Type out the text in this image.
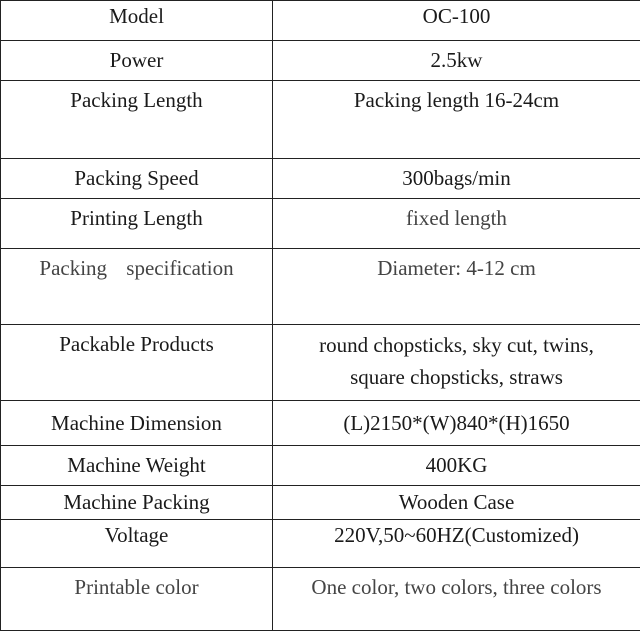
Model	OC-100
Power	2.5kw
Packing Length	Packing length 16-24cm
Packing Speed	300bags/min
Printing Length	fixed length
Packing specification	Diameter: 4-12 cm
Packable Products	round chopsticks, sky cut, twins,
square chopsticks, straws

Machine Dimension	(L)2150*(W)840*(H)1650
Machine Weight	400KG
Machine Packing	Wooden Case
Voltage	220V,50~60HZ(Customized)
Printable color	One color, two colors, three colors
